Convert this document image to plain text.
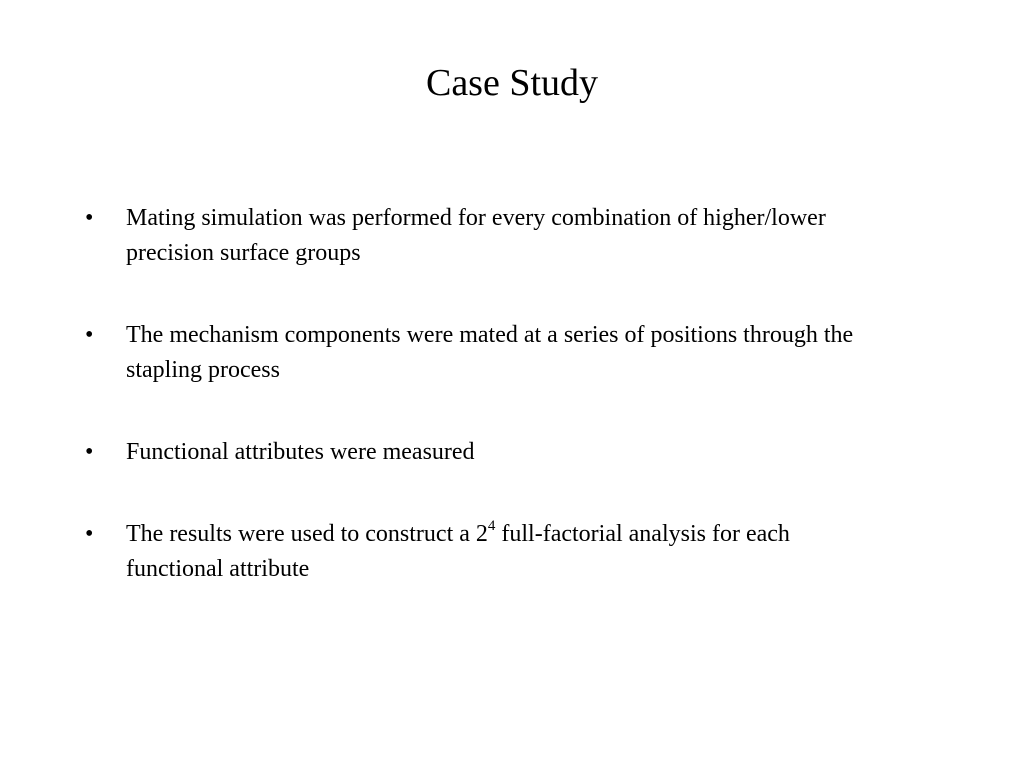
Case Study
•	Mating simulation was performed for every combination of higher/lower precision surface groups
•	The mechanism components were mated at a series of positions through the stapling process
•	Functional attributes were measured
•	The results were used to construct a $2^4$ full-factorial analysis for each functional attribute
